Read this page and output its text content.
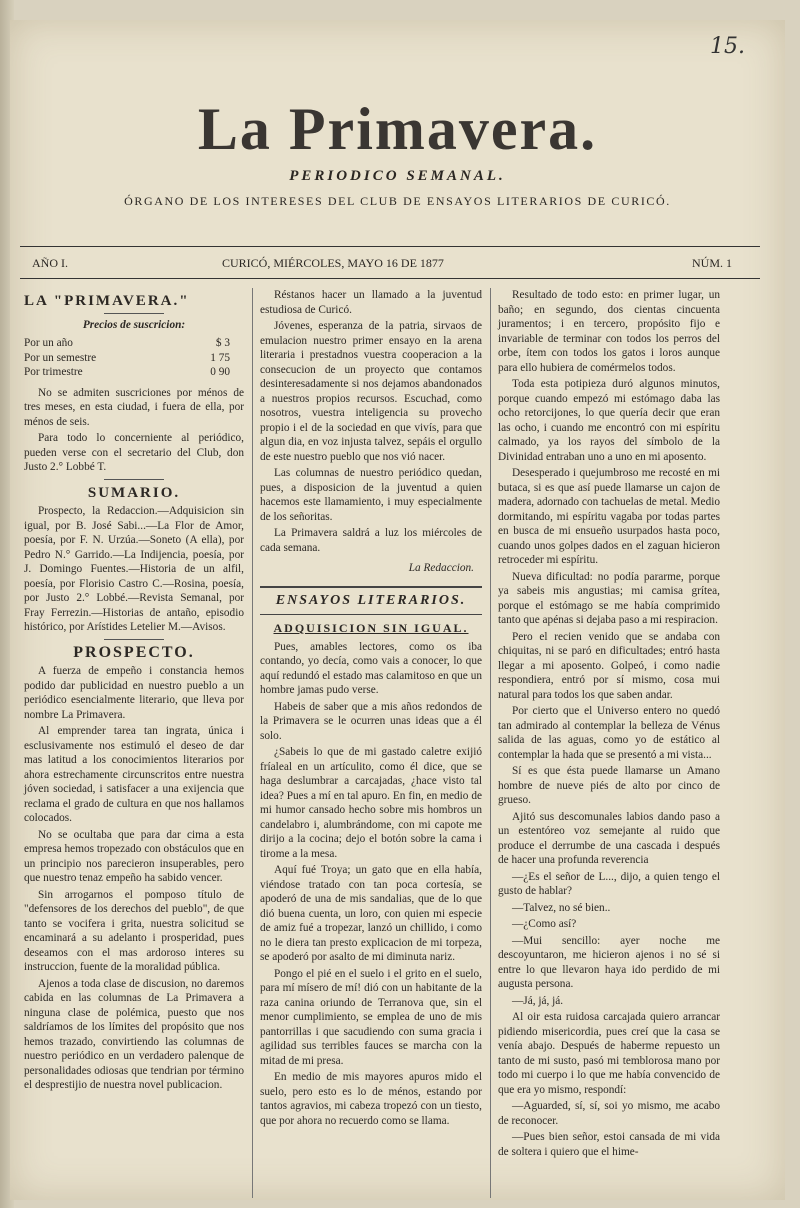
15.
La Primavera.
PERIODICO SEMANAL.
ÓRGANO DE LOS INTERESES DEL CLUB DE ENSAYOS LITERARIOS DE CURICÓ.
AÑO I.	CURICÓ, MIÉRCOLES, MAYO 16 DE 1877	NÚM. 1
LA "PRIMAVERA."
Precios de suscricion:
Por un año	$ 3
Por un semestre	1 75
Por trimestre	0 90

No se admiten suscriciones por ménos de tres meses, en esta ciudad, i fuera de ella, por ménos de seis.

Para todo lo concerniente al periódico, pueden verse con el secretario del Club, don Justo 2.° Lobbé T.

SUMARIO.

Prospecto, la Redaccion.—Adquisicion sin igual, por B. José Sabi...—La Flor de Amor, poesía, por F. N. Urzúa.—Soneto (A ella), por Pedro N.° Garrido.—La Indijencia, poesía, por J. Domingo Fuentes.—Historia de un alfil, poesía, por Florisio Castro C.—Rosina, poesía, por Justo 2.° Lobbé.—Revista Semanal, por Fray Ferrezin.—Historias de antaño, episodio histórico, por Arístides Letelier M.—Avisos.

PROSPECTO.

A fuerza de empeño i constancia hemos podido dar publicidad en nuestro pueblo a un periódico esencialmente literario, que lleva por nombre La Primavera.

Al emprender tarea tan ingrata, única i esclusivamente nos estimuló el deseo de dar mas latitud a los conocimientos literarios por ahora estrechamente circunscritos entre nuestra jóven sociedad, i satisfacer a una exijencia que reclama el grado de cultura en que nos hallamos colocados.

No se ocultaba que para dar cima a esta empresa hemos tropezado con obstáculos que en un principio nos parecieron insuperables, pero que nuestro tenaz empeño ha sabido vencer.

Sin arrogarnos el pomposo título de "defensores de los derechos del pueblo", de que tanto se vocifera i grita, nuestra solicitud se encaminará a su adelanto i prosperidad, pues deseamos con el mas ardoroso interes su instruccion, fuente de la moralidad pública.

Ajenos a toda clase de discusion, no daremos cabida en las columnas de La Primavera a ninguna clase de polémica, puesto que nos saldríamos de los límites del propósito que nos hemos trazado, convirtiendo las columnas de nuestro periódico en un verdadero palenque de personalidades odiosas que tendrian por término el desprestijio de nuestra novel publicacion.

Réstanos hacer un llamado a la juventud estudiosa de Curicó.

Jóvenes, esperanza de la patria, sirvaos de emulacion nuestro primer ensayo en la arena literaria i prestadnos vuestra cooperacion a la consecucion de un proyecto que contamos desinteresadamente si nos dejamos abandonados a nuestros propios recursos. Escuchad, como nosotros, vuestra inteligencia su provecho propio i el de la sociedad en que vivís, para que algun dia, en voz injusta talvez, sepáis el orgullo de este nuestro pueblo que nos vió nacer.

Las columnas de nuestro periódico quedan, pues, a disposicion de la juventud a quien hacemos este llamamiento, i muy especialmente de los señoritas.

La Primavera saldrá a luz los miércoles de cada semana.

La Redaccion.
ENSAYOS LITERARIOS.
ADQUISICION SIN IGUAL.

Pues, amables lectores, como os iba contando, yo decía, como vais a conocer, lo que aquí redundó el estado mas calamitoso en que un hombre jamas pudo verse.

Habeis de saber que a mis años redondos de la Primavera se le ocurren unas ideas que a él solo.

¿Sabeis lo que de mi gastado caletre exijió fríaleal en un artículito, como él dice, que se haga deslumbrar a carcajadas, ¿hace visto tal idea? Pues a mí en tal apuro. En fin, en medio de mi humor cansado hecho sobre mis hombros un candelabro i, alumbrándome, con mi capote me dirijo a la cocina; dejo el botón sobre la cama i tirome a la mesa.

Aquí fué Troya; un gato que en ella había, viéndose tratado con tan poca cortesía, se apoderó de una de mis sandalias, que de lo que dió buena cuenta, un loro, con quien mi especie de amiz fué a tropezar, lanzó un chillido, i como no le diera tan presto explicacion de mi torpeza, se apoderó por asalto de mi diminuta nariz.

Pongo el pié en el suelo i el grito en el suelo, para mí mísero de mí! dió con un habitante de la raza canina oriundo de Terranova que, sin el menor cumplimiento, se emplea de uno de mis pantorrillas i que sacudiendo con suma gracia i agilidad sus terribles fauces se marcha con la mitad de mi presa.

En medio de mis mayores apuros mido el suelo, pero esto es lo de ménos, estando por tantos agravios, mi cabeza tropezó con un tiesto, que por ahora no recuerdo como se llama.

Resultado de todo esto: en primer lugar, un baño; en segundo, dos cientas cincuenta juramentos; i en tercero, propósito fijo e invariable de terminar con todos los perros del orbe, ítem con todos los gatos i loros aunque para ello hubiera de comérmelos todos.

Toda esta potipieza duró algunos minutos, porque cuando empezó mi estómago daba las ocho retorcijones, lo que quería decir que eran las ocho, i cuando me encontró con mi espíritu calmado, ya los rayos del símbolo de la Divinidad entraban uno a uno en mi aposento.

Desesperado i quejumbroso me recosté en mi butaca, si es que así puede llamarse un cajon de madera, adornado con tachuelas de metal. Medio dormitando, mi espíritu vagaba por todas partes en busca de mi ensueño usurpados hasta poco, cuando unos golpes dados en el zaguan hicieron retroceder mi espíritu.

Nueva dificultad: no podía pararme, porque ya sabeis mis angustias; mi camisa grítea, porque el estómago se me había comprimido tanto que apénas si dejaba paso a mi respiracion.

Pero el recien venido que se andaba con chiquitas, ni se paró en dificultades; entró hasta llegar a mi aposento. Golpeó, i como nadie respondiera, entró por sí mismo, cosa mui natural para todos los que saben andar.

Por cierto que el Universo entero no quedó tan admirado al contemplar la belleza de Vénus salida de las aguas, como yo de estático al contemplar la hada que se presentó a mi vista...

Sí es que ésta puede llamarse un Amano hombre de nueve piés de alto por cinco de grueso.

Ajitó sus descomunales labios dando paso a un estentóreo voz semejante al ruido que produce el derrumbe de una cascada i después de hacer una profunda reverencia

—¿Es el señor de L..., dijo, a quien tengo el gusto de hablar?

—Talvez, no sé bien..

—¿Como así?

—Mui sencillo: ayer noche me descoyuntaron, me hicieron ajenos i no sé si entre lo que llevaron haya ido perdido de mi augusta persona.

—Já, já, já.

Al oir esta ruidosa carcajada quiero arrancar pidiendo misericordia, pues creí que la casa se venía abajo. Después de haberme repuesto un tanto de mi susto, pasó mi temblorosa mano por todo mi cuerpo i lo que me había convencido de que era yo mismo, respondí:

—Aguarded, sí, sí, soi yo mismo, me acabo de reconocer.

—Pues bien señor, estoi cansada de mi vida de soltera i quiero que el hime-
